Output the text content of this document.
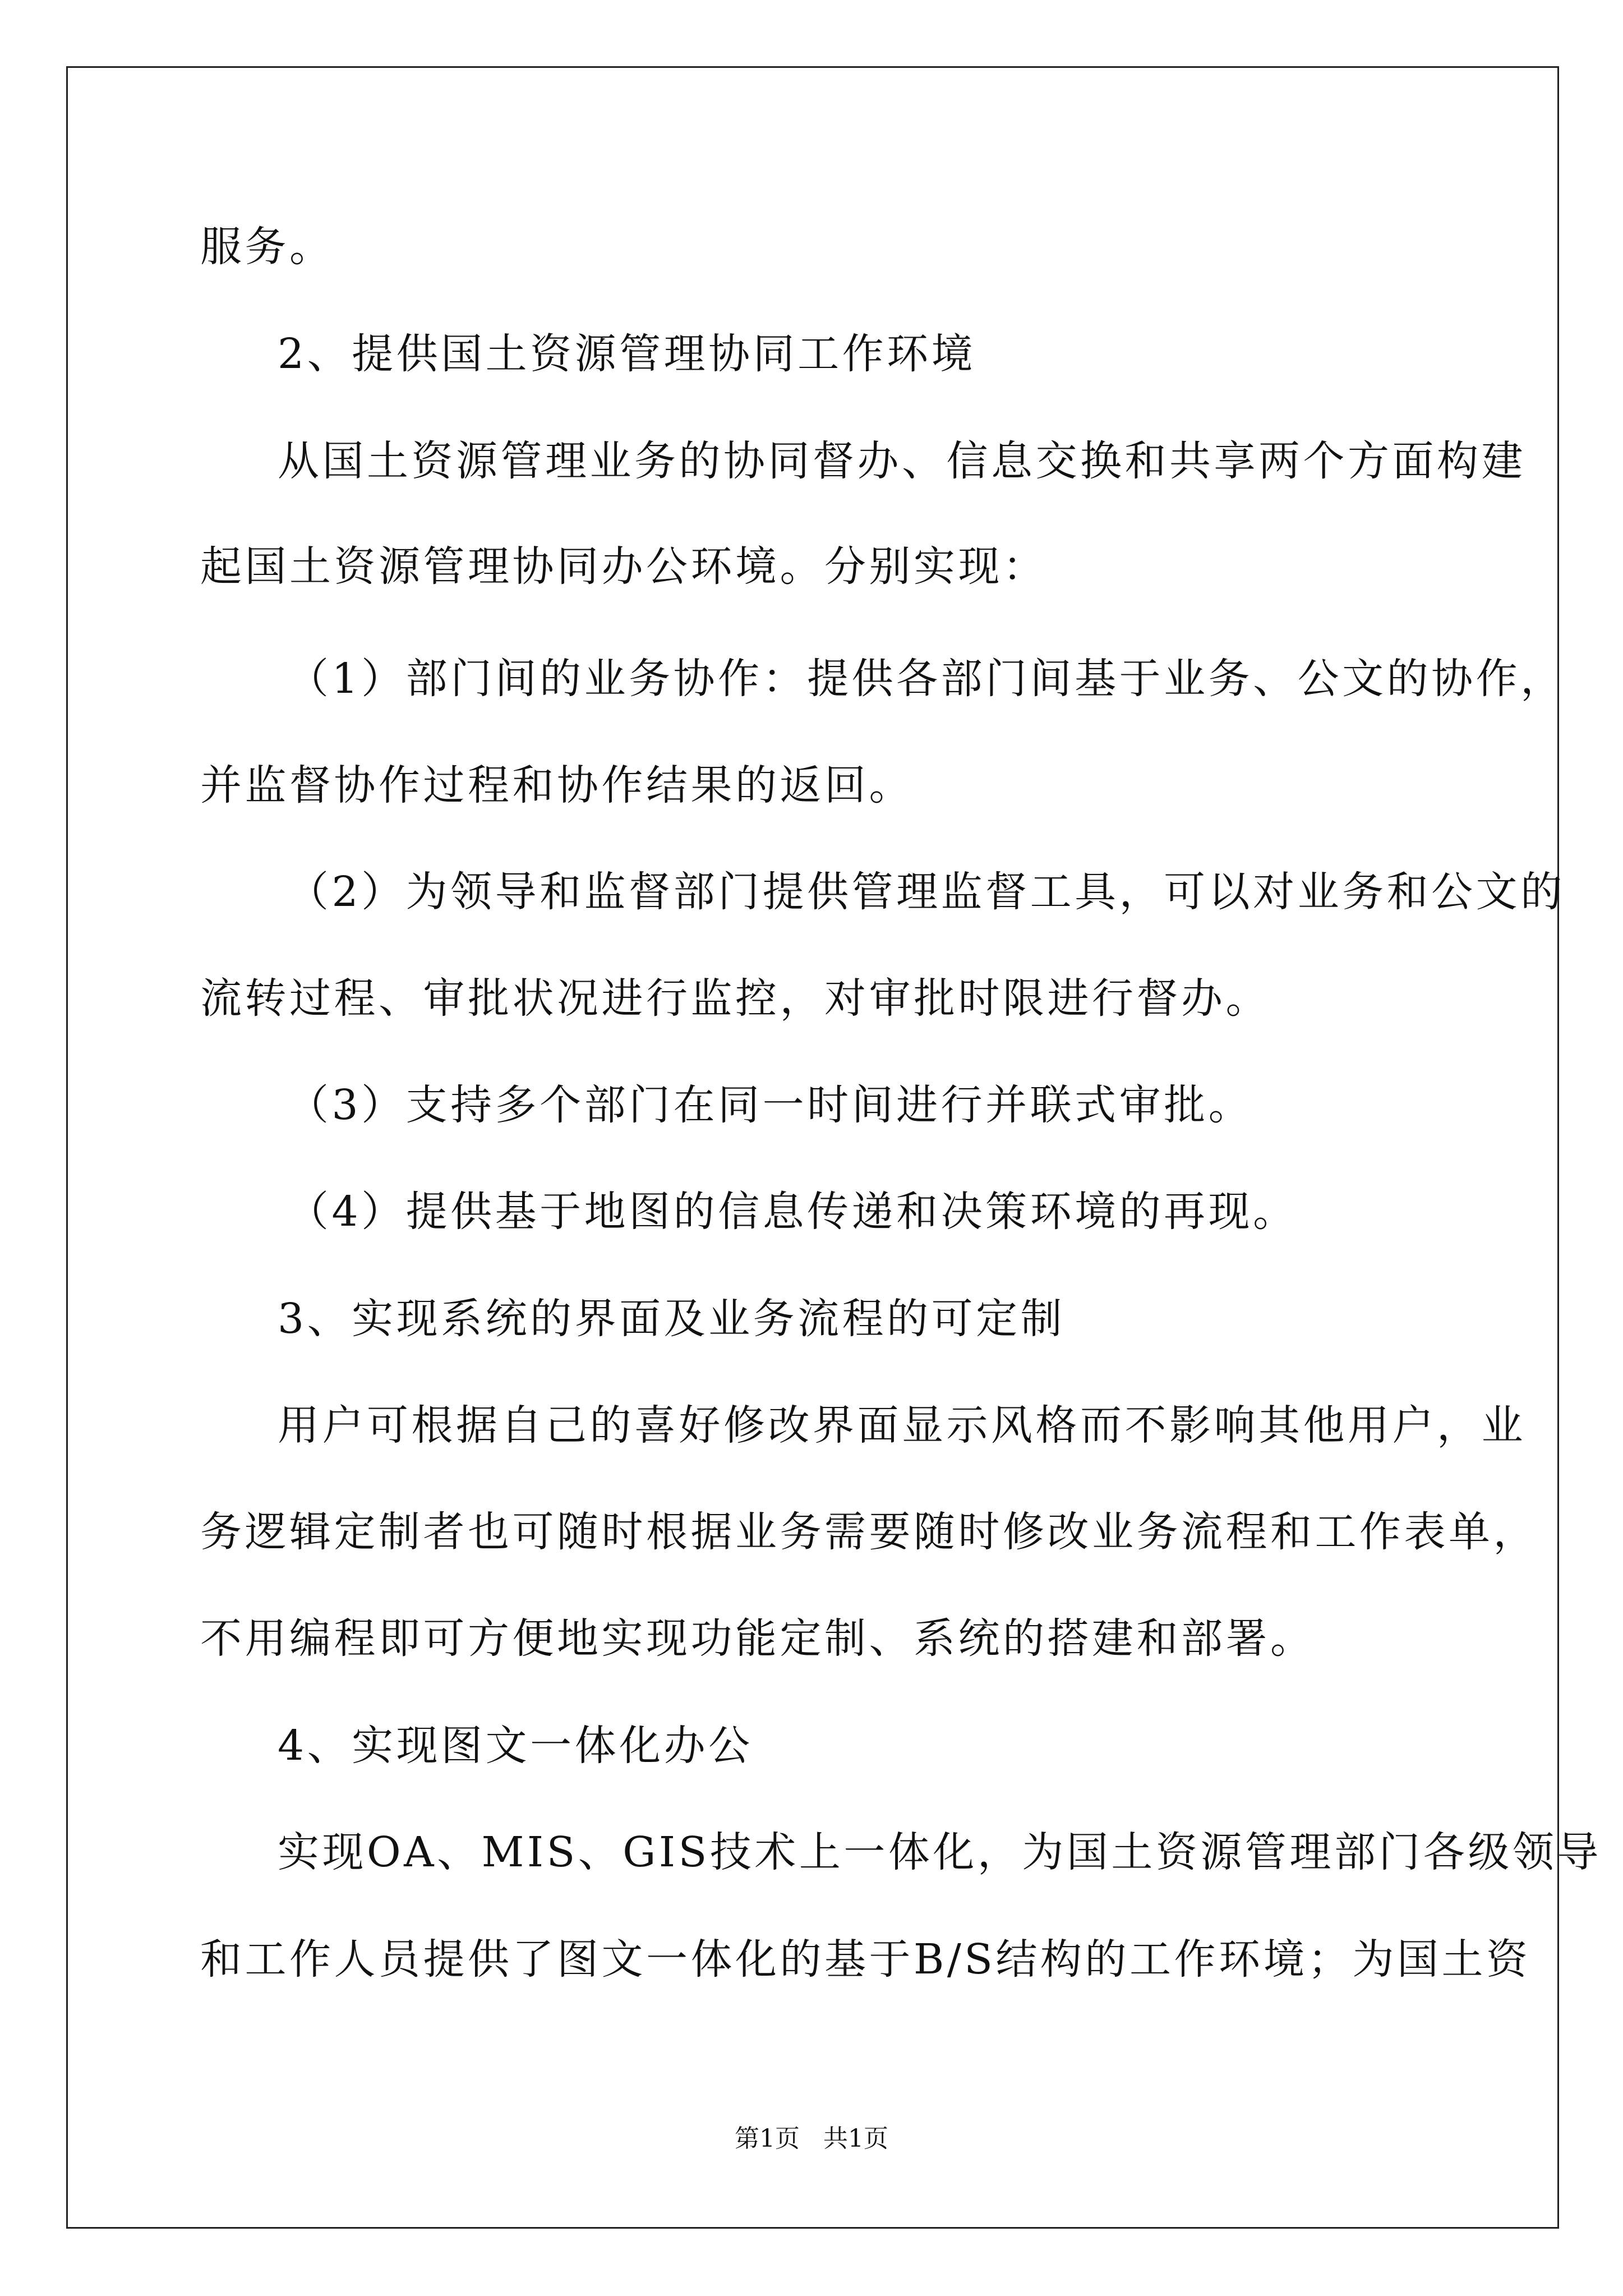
服务。
2、提供国土资源管理协同工作环境
从国土资源管理业务的协同督办、信息交换和共享两个方面构建
起国土资源管理协同办公环境。分别实现：
（1）部门间的业务协作：提供各部门间基于业务、公文的协作，
并监督协作过程和协作结果的返回。
（2）为领导和监督部门提供管理监督工具，可以对业务和公文的
流转过程、审批状况进行监控，对审批时限进行督办。
（3）支持多个部门在同一时间进行并联式审批。
（4）提供基于地图的信息传递和决策环境的再现。
3、实现系统的界面及业务流程的可定制
用户可根据自己的喜好修改界面显示风格而不影响其他用户，业
务逻辑定制者也可随时根据业务需要随时修改业务流程和工作表单，
不用编程即可方便地实现功能定制、系统的搭建和部署。
4、实现图文一体化办公
实现OA、MIS、GIS技术上一体化，为国土资源管理部门各级领导
和工作人员提供了图文一体化的基于B/S结构的工作环境；为国土资
第1页   共1页
